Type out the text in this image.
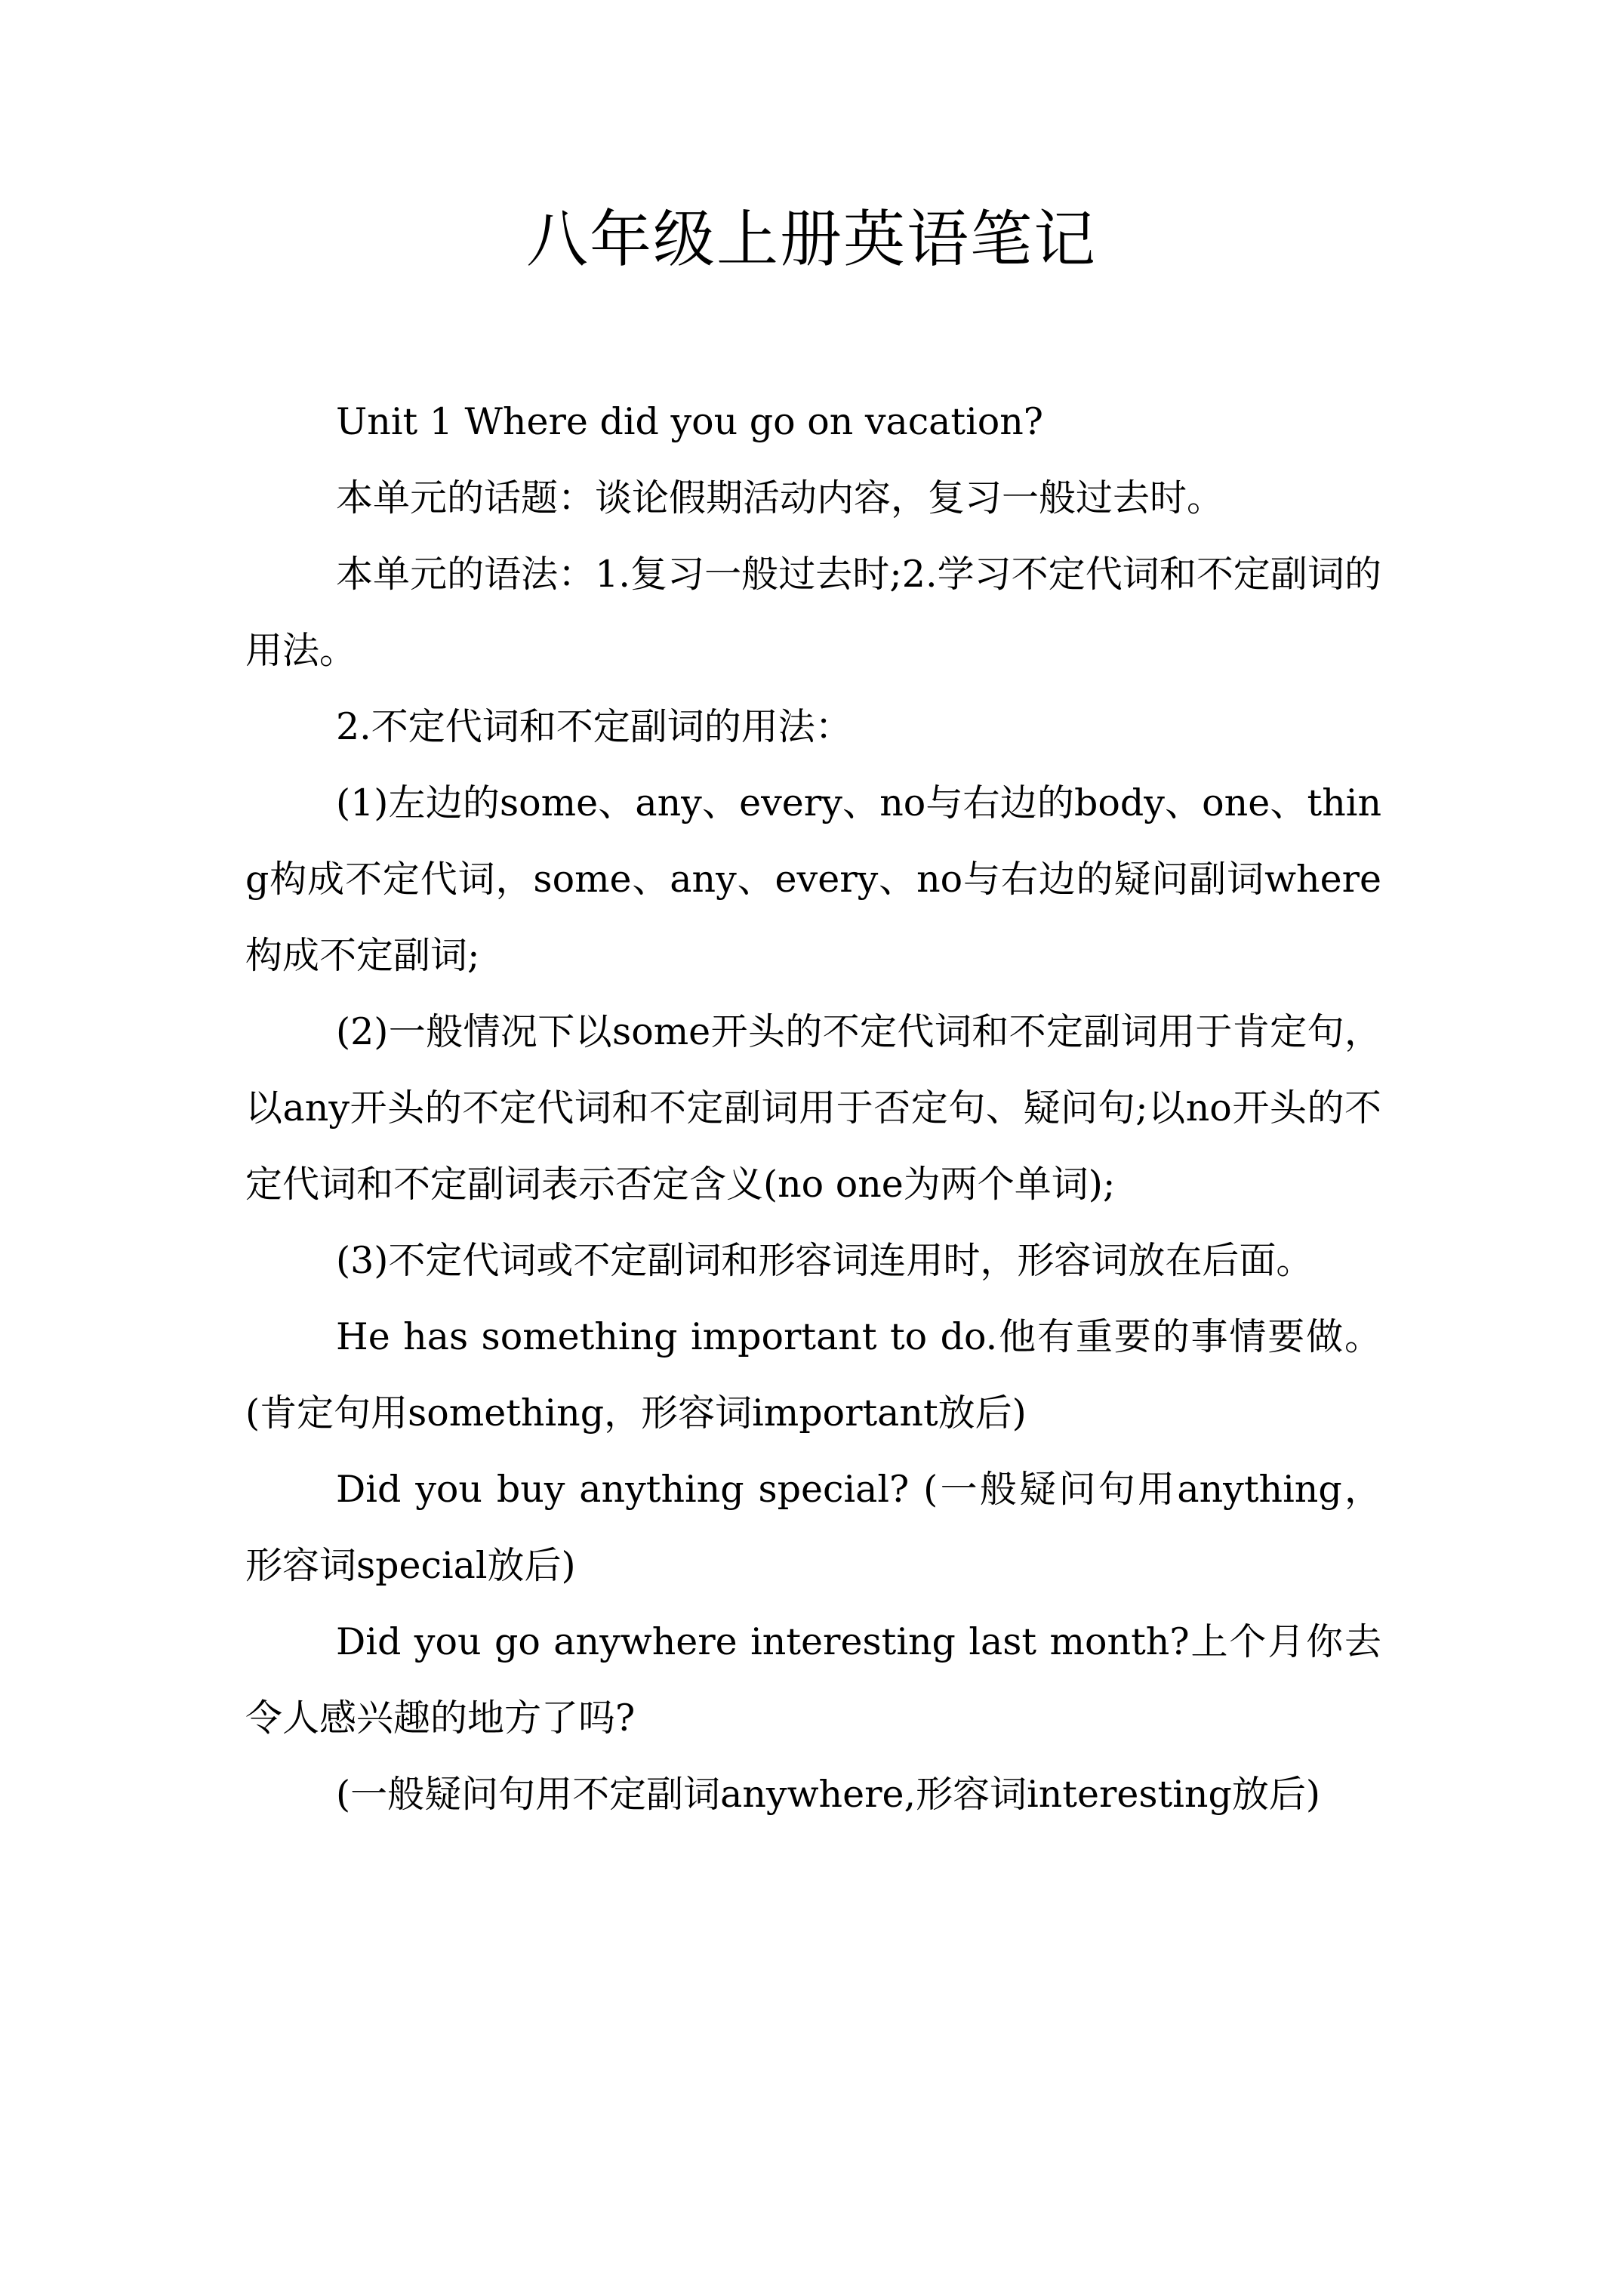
八年级上册英语笔记

Unit 1 Where did you go on vacation?

本单元的话题：谈论假期活动内容，复习一般过去时。

本单元的语法：1.复习一般过去时;2.学习不定代词和不定副词的用法。

2.不定代词和不定副词的用法：

(1)左边的some、any、every、no与右边的body、one、thing构成不定代词，some、any、every、no与右边的疑问副词where构成不定副词;

(2)一般情况下以some开头的不定代词和不定副词用于肯定句，以any开头的不定代词和不定副词用于否定句、疑问句;以no开头的不定代词和不定副词表示否定含义(no one为两个单词);

(3)不定代词或不定副词和形容词连用时，形容词放在后面。

He has something important to do.他有重要的事情要做。(肯定句用something，形容词important放后)

Did you buy anything special? (一般疑问句用anything，形容词special放后)

Did you go anywhere interesting last month?上个月你去令人感兴趣的地方了吗?

(一般疑问句用不定副词anywhere,形容词interesting放后)
